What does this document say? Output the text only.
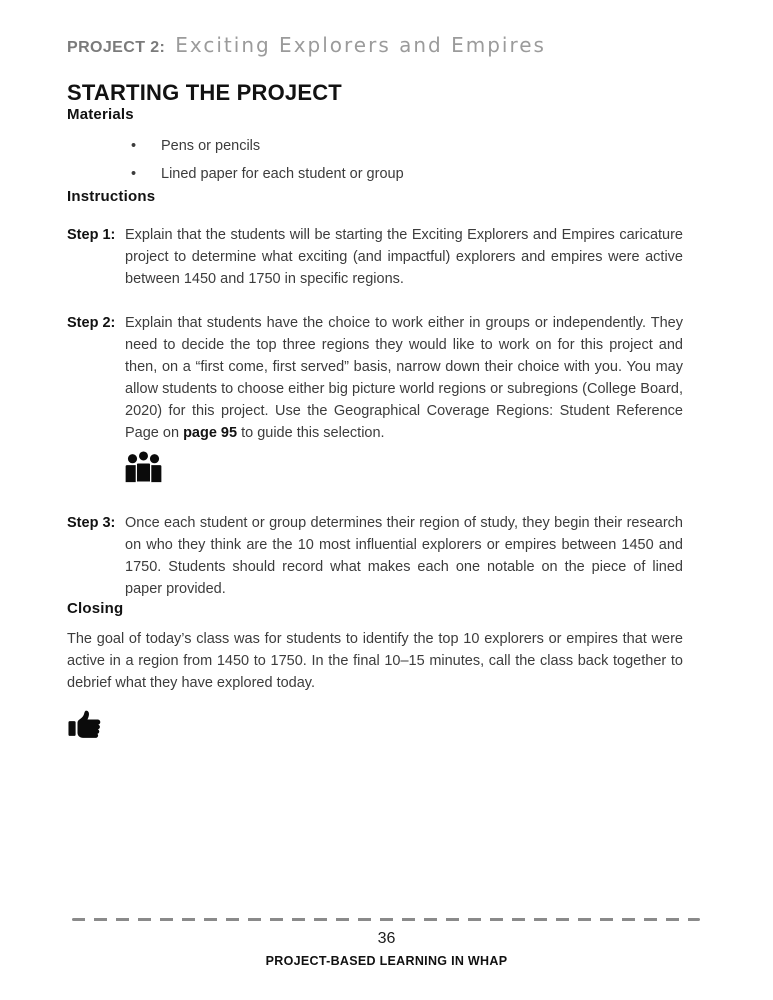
PROJECT 2: Exciting Explorers and Empires
STARTING THE PROJECT
Materials
•	Pens or pencils
•	Lined paper for each student or group
Instructions
Step 1: Explain that the students will be starting the Exciting Explorers and Empires caricature project to determine what exciting (and impactful) explorers and empires were active between 1450 and 1750 in specific regions.

Step 2: Explain that students have the choice to work either in groups or independently. They need to decide the top three regions they would like to work on for this project and then, on a “first come, first served” basis, narrow down their choice with you. You may allow students to choose either big picture world regions or subregions (College Board, 2020) for this project. Use the Geographical Coverage Regions: Student Reference Page on page 95 to guide this selection.

Step 3: Once each student or group determines their region of study, they begin their research on who they think are the 10 most influential explorers or empires between 1450 and 1750. Students should record what makes each one notable on the piece of lined paper provided.

Closing

The goal of today’s class was for students to identify the top 10 explorers or empires that were active in a region from 1450 to 1750. In the final 10–15 minutes, call the class back together to debrief what they have explored today.

36
PROJECT-BASED LEARNING IN WHAP
